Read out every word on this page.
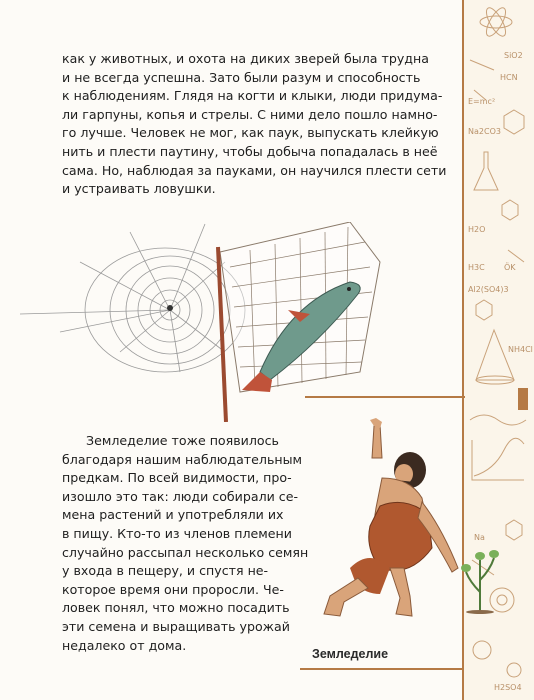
SiO2
HCN
E=mc²
Na2CO3
H2O
H3C ÖK
Al2(SO4)3
NH4Cl
Na
H2SO4
как у животных, и охота на диких зверей была трудна
и не всегда успешна. Зато были разум и способность
к наблюдениям. Глядя на когти и клыки, люди придума-
ли гарпуны, копья и стрелы. С ними дело пошло намно-
го лучше. Человек не мог, как паук, выпускать клейкую
нить и плести паутину, чтобы добыча попадалась в неё
сама. Но, наблюдая за пауками, он научился плести сети
и устраивать ловушки.
Земледелие тоже появилось
благодаря нашим наблюдательным
предкам. По всей видимости, про-
изошло это так: люди собирали се-
мена растений и употребляли их
в пищу. Кто-то из членов племени
случайно рассыпал несколько семян
у входа в пещеру, и спустя не-
которое время они проросли. Че-
ловек понял, что можно посадить
эти семена и выращивать урожай
недалеко от дома.
Земледелие
